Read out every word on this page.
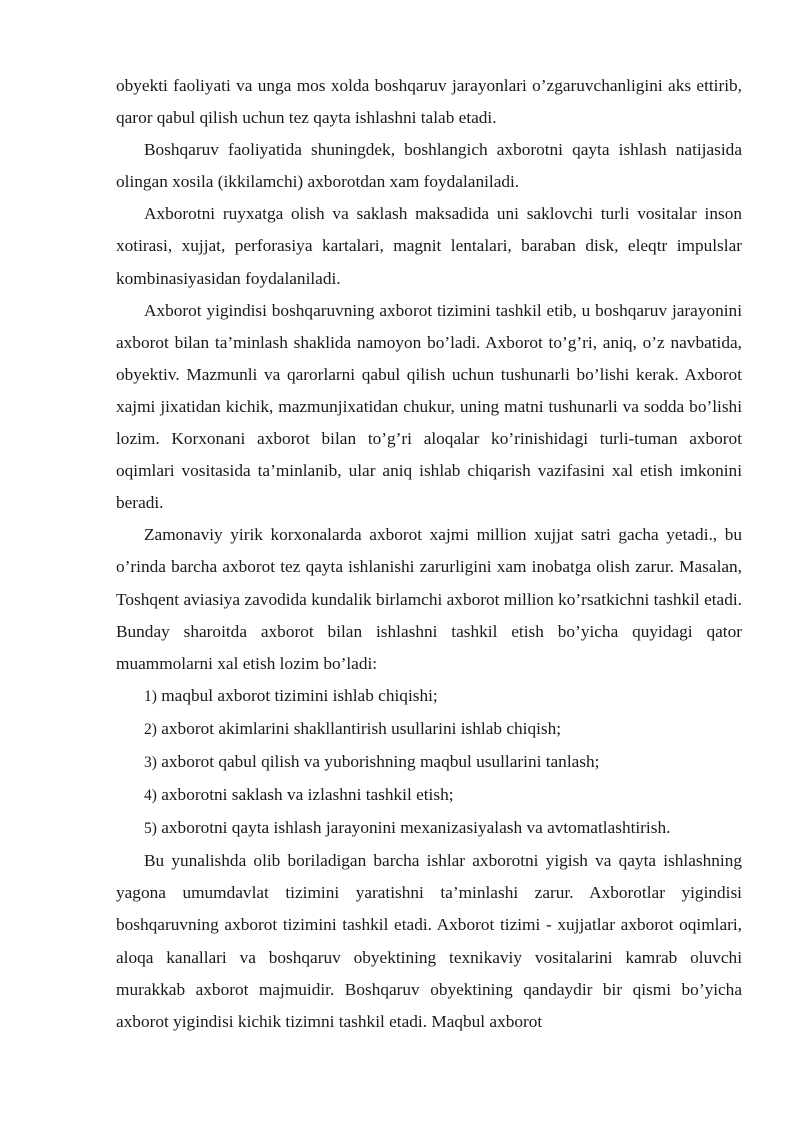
obyekti faoliyati va unga mos xolda boshqaruv jarayonlari o’zgaruvchanligini aks ettirib, qaror qabul qilish uchun tez qayta ishlashni talab etadi.

Boshqaruv faoliyatida shuningdek, boshlangich axborotni qayta ishlash natijasida olingan xosila (ikkilamchi) axborotdan xam foydalaniladi.

Axborotni ruyxatga olish va saklash maksadida uni saklovchi turli vositalar inson xotirasi, xujjat, perforasiya kartalari, magnit lentalari, baraban disk, eleqtr impulslar kombinasiyasidan foydalaniladi.

Axborot yigindisi boshqaruvning axborot tizimini tashkil etib, u boshqaruv jarayonini axborot bilan ta’minlash shaklida namoyon bo’ladi. Axborot to’g’ri, aniq, o’z navbatida, obyektiv. Mazmunli va qarorlarni qabul qilish uchun tushunarli bo’lishi kerak. Axborot xajmi jixatidan kichik, mazmunjixatidan chukur, uning matni tushunarli va sodda bo’lishi lozim. Korxonani axborot bilan to’g’ri aloqalar ko’rinishidagi turli-tuman axborot oqimlari vositasida ta’minlanib, ular aniq ishlab chiqarish vazifasini xal etish imkonini beradi.

Zamonaviy yirik korxonalarda axborot xajmi million xujjat satri gacha yetadi., bu o’rinda barcha axborot tez qayta ishlanishi zarurligini xam inobatga olish zarur. Masalan, Toshqent aviasiya zavodida kundalik birlamchi axborot million ko’rsatkichni tashkil etadi. Bunday sharoitda axborot bilan ishlashni tashkil etish bo’yicha quyidagi qator muammolarni xal etish lozim bo’ladi:

1) maqbul axborot tizimini ishlab chiqishi;

2) axborot akimlarini shakllantirish usullarini ishlab chiqish;

3) axborot qabul qilish va yuborishning maqbul usullarini tanlash;

4) axborotni saklash va izlashni tashkil etish;

5) axborotni qayta ishlash jarayonini mexanizasiyalash va avtomatlashtirish.

Bu yunalishda olib boriladigan barcha ishlar axborotni yigish va qayta ishlashning yagona umumdavlat tizimini yaratishni ta’minlashi zarur. Axborotlar yigindisi boshqaruvning axborot tizimini tashkil etadi. Axborot tizimi - xujjatlar axborot oqimlari, aloqa kanallari va boshqaruv obyektining texnikaviy vositalarini kamrab oluvchi murakkab axborot majmuidir. Boshqaruv obyektining qandaydir bir qismi bo’yicha axborot yigindisi kichik tizimni tashkil etadi. Maqbul axborot
